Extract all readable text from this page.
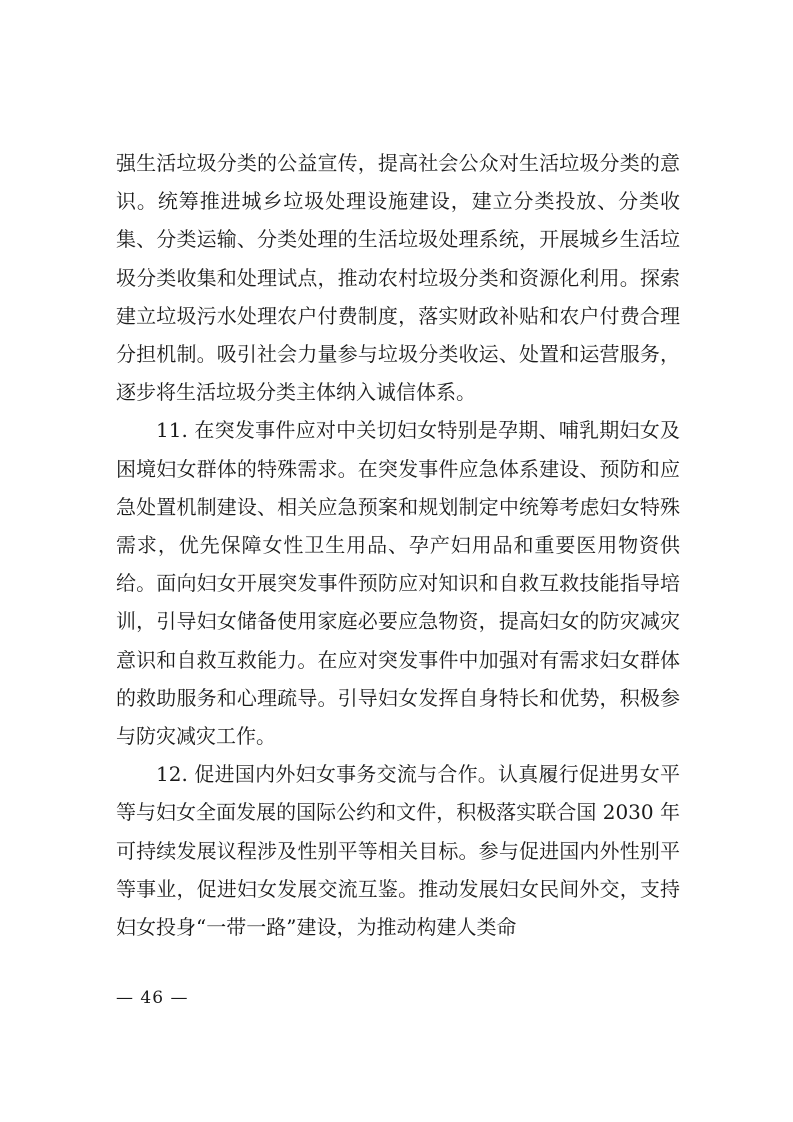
强生活垃圾分类的公益宣传，提高社会公众对生活垃圾分类的意识。统筹推进城乡垃圾处理设施建设，建立分类投放、分类收集、分类运输、分类处理的生活垃圾处理系统，开展城乡生活垃圾分类收集和处理试点，推动农村垃圾分类和资源化利用。探索建立垃圾污水处理农户付费制度，落实财政补贴和农户付费合理分担机制。吸引社会力量参与垃圾分类收运、处置和运营服务，逐步将生活垃圾分类主体纳入诚信体系。

11. 在突发事件应对中关切妇女特别是孕期、哺乳期妇女及困境妇女群体的特殊需求。在突发事件应急体系建设、预防和应急处置机制建设、相关应急预案和规划制定中统筹考虑妇女特殊需求，优先保障女性卫生用品、孕产妇用品和重要医用物资供给。面向妇女开展突发事件预防应对知识和自救互救技能指导培训，引导妇女储备使用家庭必要应急物资，提高妇女的防灾减灾意识和自救互救能力。在应对突发事件中加强对有需求妇女群体的救助服务和心理疏导。引导妇女发挥自身特长和优势，积极参与防灾减灾工作。

12. 促进国内外妇女事务交流与合作。认真履行促进男女平等与妇女全面发展的国际公约和文件，积极落实联合国 2030 年可持续发展议程涉及性别平等相关目标。参与促进国内外性别平等事业，促进妇女发展交流互鉴。推动发展妇女民间外交，支持妇女投身“一带一路”建设，为推动构建人类命

— 46 —
